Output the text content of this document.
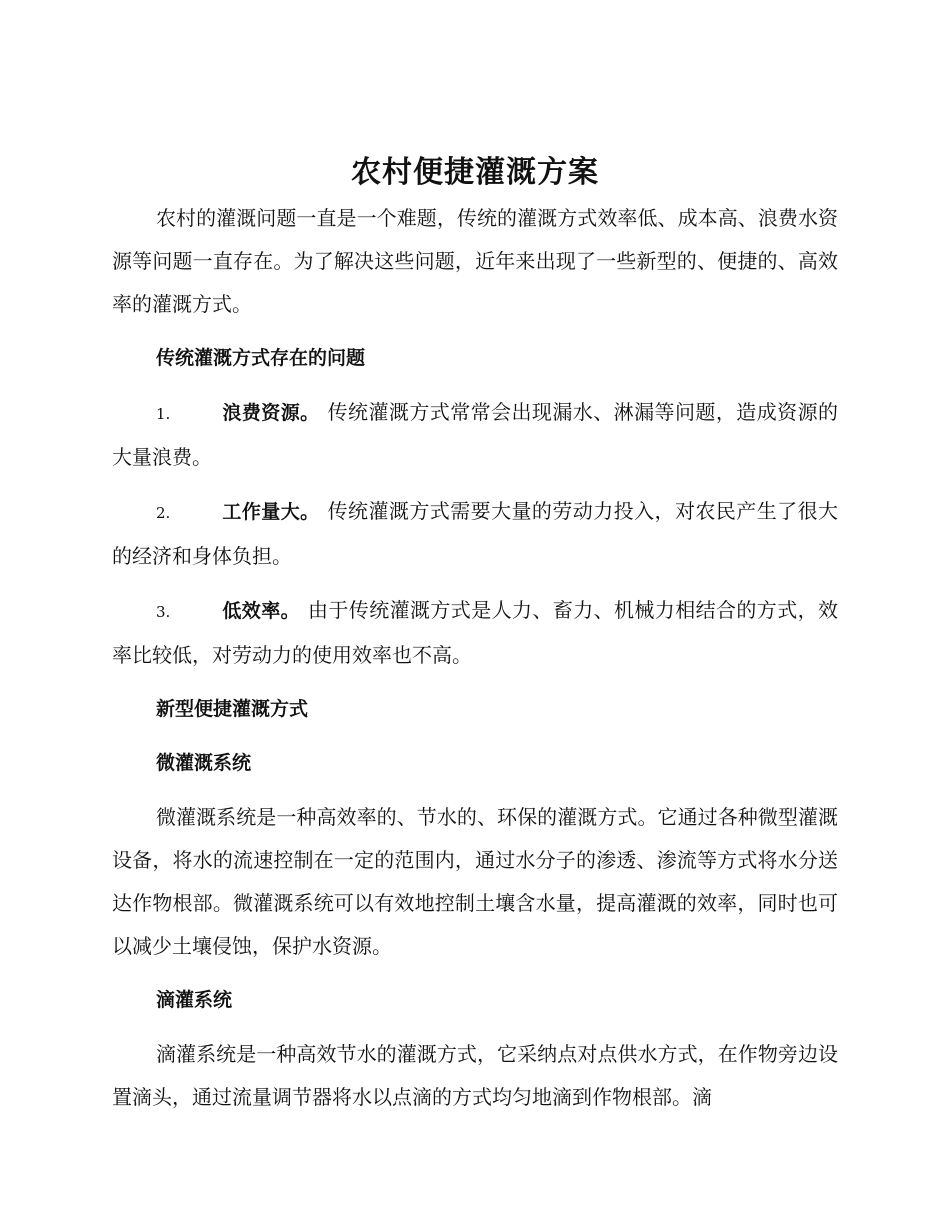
农村便捷灌溉方案

农村的灌溉问题一直是一个难题，传统的灌溉方式效率低、成本高、浪费水资源等问题一直存在。为了解决这些问题，近年来出现了一些新型的、便捷的、高效率的灌溉方式。

传统灌溉方式存在的问题

1.	浪费资源。 传统灌溉方式常常会出现漏水、淋漏等问题，造成资源的大量浪费。

2.	工作量大。 传统灌溉方式需要大量的劳动力投入，对农民产生了很大的经济和身体负担。

3.	低效率。 由于传统灌溉方式是人力、畜力、机械力相结合的方式，效率比较低，对劳动力的使用效率也不高。

新型便捷灌溉方式
微灌溉系统

微灌溉系统是一种高效率的、节水的、环保的灌溉方式。它通过各种微型灌溉设备，将水的流速控制在一定的范围内，通过水分子的渗透、渗流等方式将水分送达作物根部。微灌溉系统可以有效地控制土壤含水量，提高灌溉的效率，同时也可以减少土壤侵蚀，保护水资源。

滴灌系统

滴灌系统是一种高效节水的灌溉方式，它采纳点对点供水方式，在作物旁边设置滴头，通过流量调节器将水以点滴的方式均匀地滴到作物根部。滴
